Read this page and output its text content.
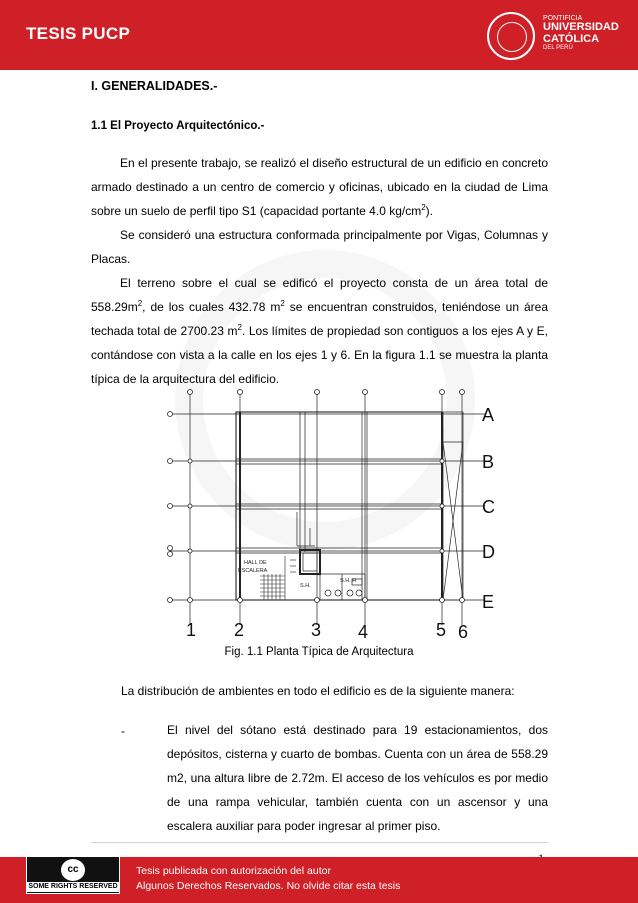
TESIS PUCP
PONTIFICIA
UNIVERSIDAD
CATÓLICA
DEL PERÚ
I. GENERALIDADES.-
1.1 El Proyecto Arquitectónico.-

En el presente trabajo, se realizó el diseño estructural de un edificio en concreto armado destinado a un centro de comercio y oficinas, ubicado en la ciudad de Lima sobre un suelo de perfil tipo S1 (capacidad portante 4.0 $kg/cm^2$).

Se consideró una estructura conformada principalmente por Vigas, Columnas y Placas.

El terreno sobre el cual se edificó el proyecto consta de un área total de $558.29m^2$, de los cuales 432.78 $m^2$ se encuentran construidos, teniéndose un área techada total de 2700.23 $m^2$. Los límites de propiedad son contiguos a los ejes A y E, contándose con vista a la calle en los ejes 1 y 6. En la figura 1.1 se muestra la planta típica de la arquitectura del edificio.

A
B
C
D
E
1 2	3 4	5 6
HALL DE
ESCALERA
S.H.
S.H. H
Fig. 1.1 Planta Típica de Arquitectura
La distribución de ambientes en todo el edificio es de la siguiente manera:
-	El nivel del sótano está destinado para 19 estacionamientos, dos depósitos, cisterna y cuarto de bombas. Cuenta con un área de 558.29 m2, una altura libre de 2.72m. El acceso de los vehículos es por medio de una rampa vehicular, también cuenta con un ascensor y una escalera auxiliar para poder ingresar al primer piso.
cc
SOME RIGHTS RESERVED
Tesis publicada con autorización del autor
Algunos Derechos Reservados. No olvide citar esta tesis
